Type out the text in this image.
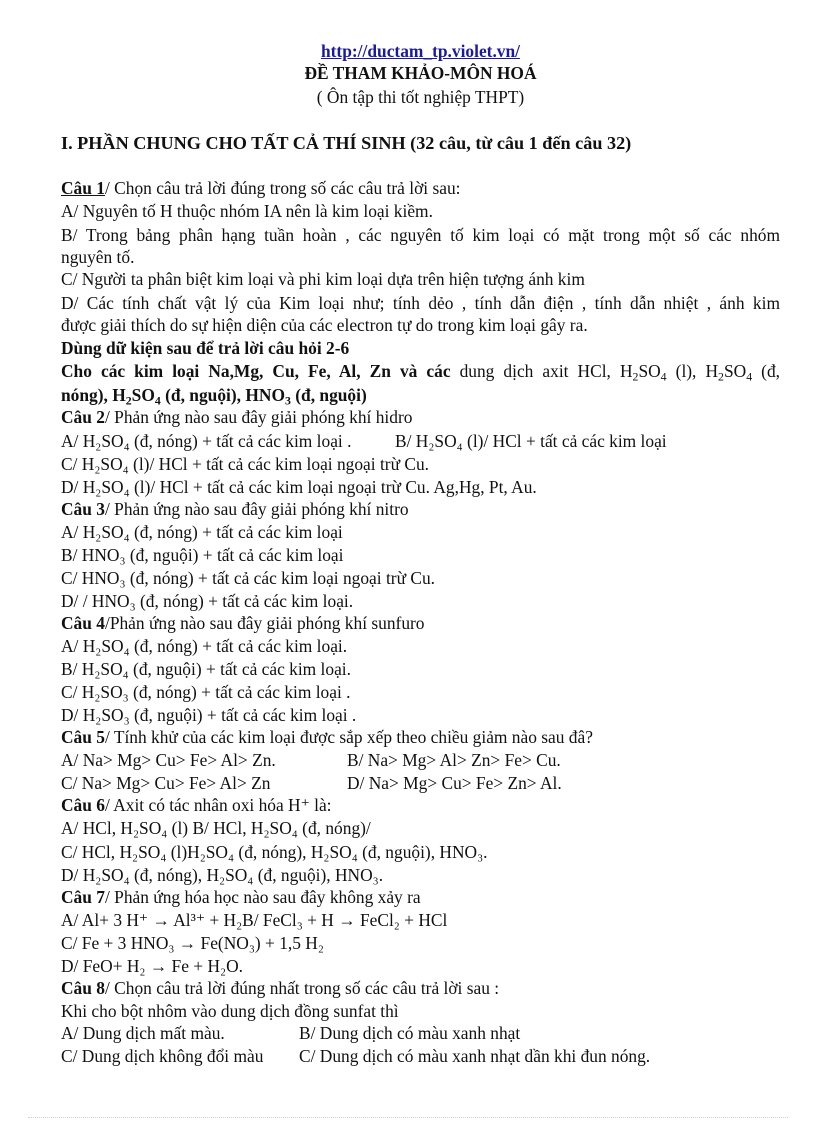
http://ductam_tp.violet.vn/
ĐỀ THAM KHẢO-MÔN HOÁ
( Ôn tập thi tốt nghiệp THPT)
I. PHẦN CHUNG CHO TẤT CẢ THÍ SINH (32 câu, từ câu 1 đến câu 32)
Câu 1/ Chọn câu trả lời đúng trong số các câu trả lời sau:
A/ Nguyên tố H thuộc nhóm IA nên là kim loại kiềm.
B/ Trong bảng phân hạng tuần hoàn , các nguyên tố kim loại có mặt trong một số các nhóm
nguyên tố.
C/ Người ta phân biệt kim loại và phi kim loại dựa trên hiện tượng ánh kim
D/ Các tính chất vật lý của Kim loại như; tính dẻo , tính dẫn điện , tính dẫn nhiệt , ánh kim
được giải thích do sự hiện diện của các electron tự do trong kim loại gây ra.
Dùng dữ kiện sau để trả lời câu hỏi 2-6
Cho các kim loại Na,Mg, Cu, Fe, Al, Zn và các dung dịch axit HCl, $H_2SO_4$ (l), $H_2SO_4$ (đ,
nóng), $H_2SO_4$ (đ, nguội), $HNO_3$ (đ, nguội)
Câu 2/ Phản ứng nào sau đây giải phóng khí hidro
A/ H₂SO₄ (đ, nóng) + tất cả các kim loại .	B/ H₂SO₄ (l)/ HCl + tất cả các kim loại
C/ H₂SO₄ (l)/ HCl + tất cả các kim loại ngoại trừ Cu.
D/ H₂SO₄ (l)/ HCl + tất cả các kim loại ngoại trừ Cu. Ag,Hg, Pt, Au.
Câu 3/ Phản ứng nào sau đây giải phóng khí nitro
A/ H₂SO₄ (đ, nóng) + tất cả các kim loại
B/ HNO₃ (đ, nguội) + tất cả các kim loại
C/ HNO₃ (đ, nóng) + tất cả các kim loại ngoại trừ Cu.
D/ / HNO₃ (đ, nóng) + tất cả các kim loại.
Câu 4/Phản ứng nào sau đây giải phóng khí sunfuro
A/ H₂SO₄ (đ, nóng) + tất cả các kim loại.
B/ H₂SO₄ (đ, nguội) + tất cả các kim loại.
C/ H₂SO₃ (đ, nóng) + tất cả các kim loại .
D/ H₂SO₃ (đ, nguội) + tất cả các kim loại .
Câu 5/ Tính khử của các kim loại được sắp xếp theo chiều giảm nào sau đâ?
A/ Na> Mg> Cu> Fe> Al> Zn.	B/ Na> Mg> Al> Zn> Fe> Cu.
C/ Na> Mg> Cu> Fe> Al> Zn	D/ Na> Mg> Cu> Fe> Zn> Al.
Câu 6/ Axit có tác nhân oxi hóa H⁺ là:
A/ HCl, H₂SO₄ (l) B/ HCl, H₂SO₄ (đ, nóng)/
C/ HCl, H₂SO₄ (l)H₂SO₄ (đ, nóng), H₂SO₄ (đ, nguội), HNO₃.
D/ H₂SO₄ (đ, nóng), H₂SO₄ (đ, nguội), HNO₃.
Câu 7/ Phản ứng hóa học nào sau đây không xảy ra
A/ Al+ 3 H⁺ → Al³⁺ + H₂B/ FeCl₃ + H → FeCl₂ + HCl
C/ Fe + 3 HNO₃ → Fe(NO₃) + 1,5 H₂
D/ FeO+ H₂ → Fe + H₂O.
Câu 8/ Chọn câu trả lời đúng nhất trong số các câu trả lời sau :
Khi cho bột nhôm vào dung dịch đồng sunfat thì
A/ Dung dịch mất màu.	B/ Dung dịch có màu xanh nhạt
C/ Dung dịch không đổi màu C/ Dung dịch có màu xanh nhạt dần khi đun nóng.
